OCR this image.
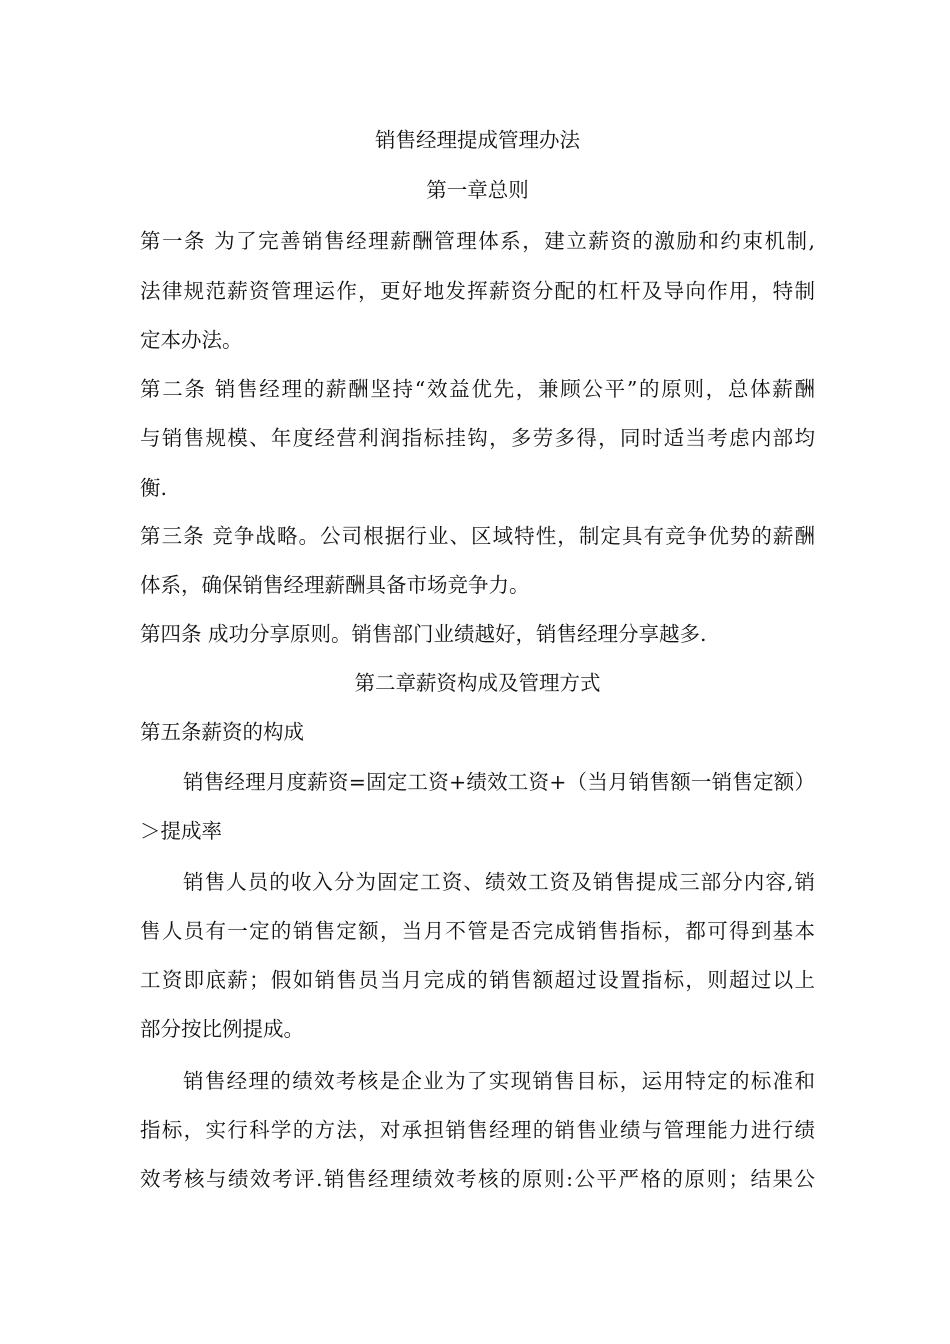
销售经理提成管理办法
第一章总则
第一条 为了完善销售经理薪酬管理体系，建立薪资的激励和约束机制,
法律规范薪资管理运作，更好地发挥薪资分配的杠杆及导向作用，特制
定本办法。
第二条 销售经理的薪酬坚持“效益优先，兼顾公平”的原则，总体薪酬
与销售规模、年度经营利润指标挂钩，多劳多得，同时适当考虑内部均
衡.
第三条 竞争战略。公司根据行业、区域特性，制定具有竞争优势的薪酬
体系，确保销售经理薪酬具备市场竞争力。
第四条 成功分享原则。销售部门业绩越好，销售经理分享越多.
第二章薪资构成及管理方式
第五条薪资的构成
销售经理月度薪资=固定工资+绩效工资+（当月销售额一销售定额）
＞提成率
销售人员的收入分为固定工资、绩效工资及销售提成三部分内容,销
售人员有一定的销售定额，当月不管是否完成销售指标，都可得到基本
工资即底薪；假如销售员当月完成的销售额超过设置指标，则超过以上
部分按比例提成。
销售经理的绩效考核是企业为了实现销售目标，运用特定的标准和
指标，实行科学的方法，对承担销售经理的销售业绩与管理能力进行绩
效考核与绩效考评.销售经理绩效考核的原则:公平严格的原则；结果公
